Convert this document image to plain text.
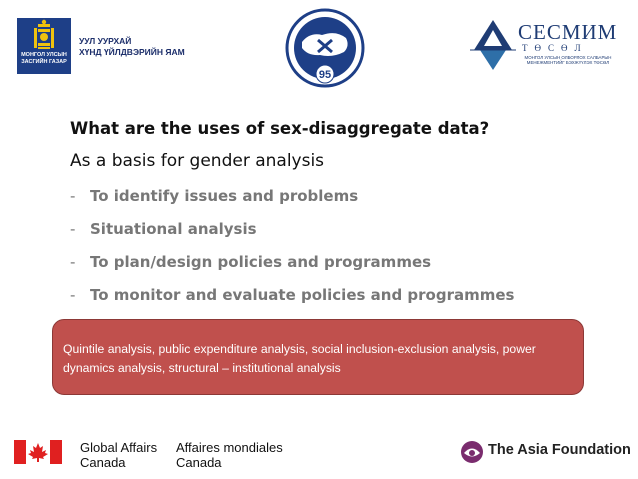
МОНГОЛ УЛСЫН
ЗАСГИЙН ГАЗАР
УУЛ УУРХАЙ
ХҮНД ҮЙЛДВЭРИЙН ЯАМ
95
СЕСМИМ
ТӨСӨЛ
МОНГОЛ УЛСЫН ОЛБОРЛОХ САЛБАРЫН МЕНЕЖМЕНТИЙГ БЭХЖҮҮЛЭХ ТӨСӨЛ
What are the uses of sex-disaggregate data?
As a basis for gender analysis
- To identify issues and problems
- Situational analysis
- To plan/design policies and programmes
- To monitor and evaluate policies and programmes
Quintile analysis, public expenditure analysis, social inclusion-exclusion analysis, power dynamics analysis, structural – institutional analysis
Global Affairs
Canada
Affaires mondiales
Canada
The Asia Foundation
